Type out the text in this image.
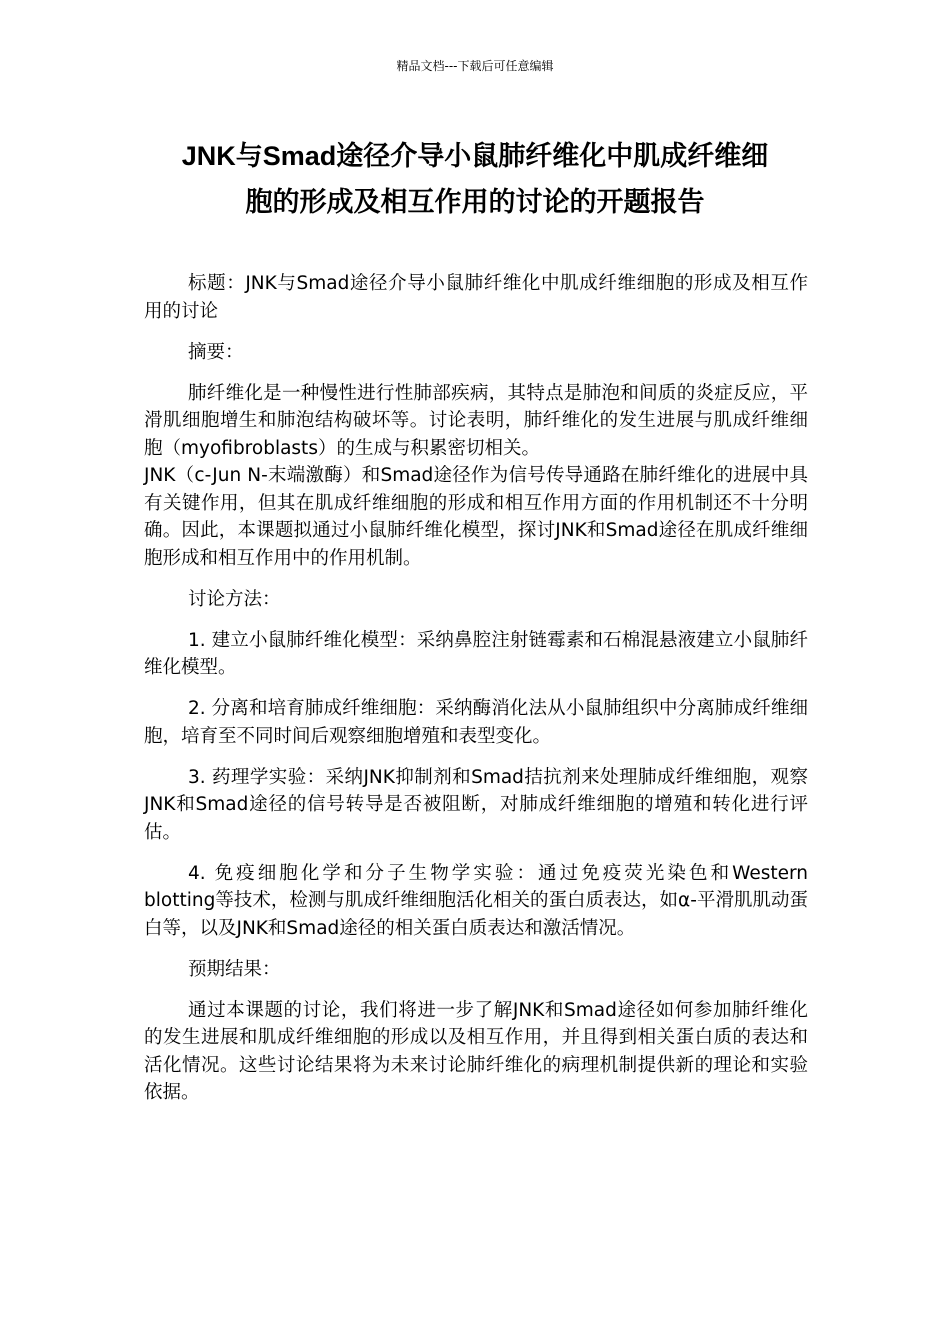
精品文档---下载后可任意编辑
JNK与Smad途径介导小鼠肺纤维化中肌成纤维细
胞的形成及相互作用的讨论的开题报告

标题：JNK与Smad途径介导小鼠肺纤维化中肌成纤维细胞的形成及相互作用的讨论

摘要：

肺纤维化是一种慢性进行性肺部疾病，其特点是肺泡和间质的炎症反应，平滑肌细胞增生和肺泡结构破坏等。讨论表明，肺纤维化的发生进展与肌成纤维细胞（myofibroblasts）的生成与积累密切相关。

JNK（c-Jun N-末端激酶）和Smad途径作为信号传导通路在肺纤维化的进展中具有关键作用，但其在肌成纤维细胞的形成和相互作用方面的作用机制还不十分明确。因此，本课题拟通过小鼠肺纤维化模型，探讨JNK和Smad途径在肌成纤维细胞形成和相互作用中的作用机制。

讨论方法：

1. 建立小鼠肺纤维化模型：采纳鼻腔注射链霉素和石棉混悬液建立小鼠肺纤维化模型。

2. 分离和培育肺成纤维细胞：采纳酶消化法从小鼠肺组织中分离肺成纤维细胞，培育至不同时间后观察细胞增殖和表型变化。

3. 药理学实验：采纳JNK抑制剂和Smad拮抗剂来处理肺成纤维细胞，观察JNK和Smad途径的信号转导是否被阻断，对肺成纤维细胞的增殖和转化进行评估。

4. 免疫细胞化学和分子生物学实验：通过免疫荧光染色和Western blotting等技术，检测与肌成纤维细胞活化相关的蛋白质表达，如α-平滑肌肌动蛋白等，以及JNK和Smad途径的相关蛋白质表达和激活情况。

预期结果：

通过本课题的讨论，我们将进一步了解JNK和Smad途径如何参加肺纤维化的发生进展和肌成纤维细胞的形成以及相互作用，并且得到相关蛋白质的表达和活化情况。这些讨论结果将为未来讨论肺纤维化的病理机制提供新的理论和实验依据。
